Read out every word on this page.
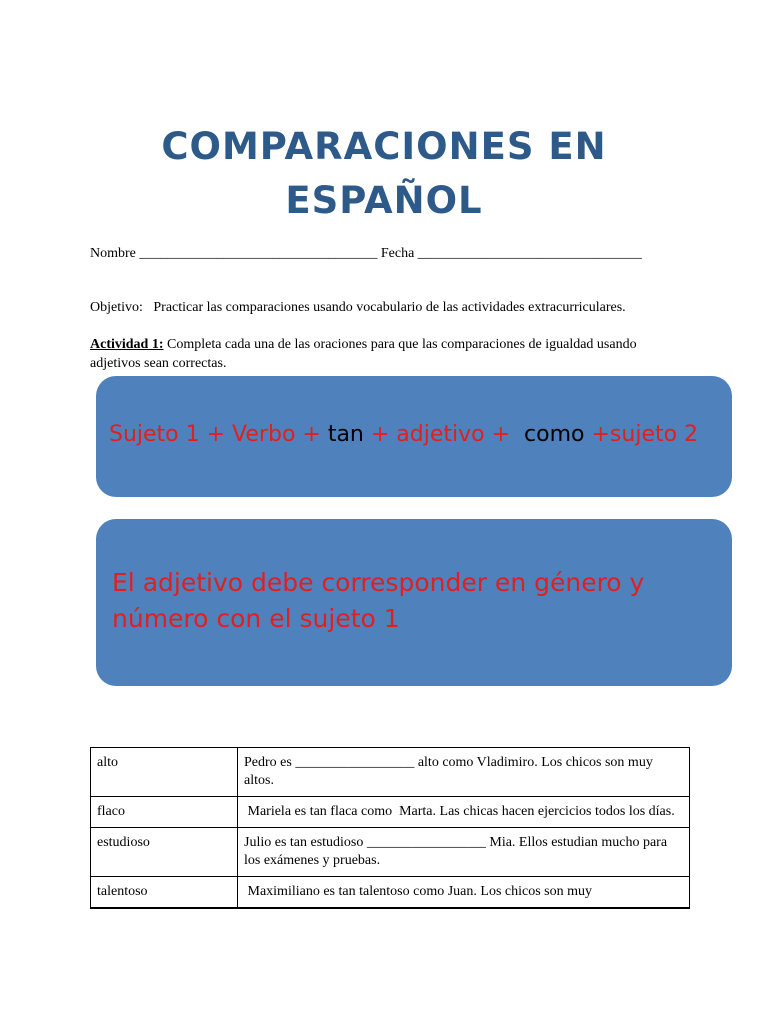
COMPARACIONES EN
ESPAÑOL
Nombre __________________________________ Fecha ________________________________
Objetivo:   Practicar las comparaciones usando vocabulario de las actividades extracurriculares.
Actividad 1: Completa cada una de las oraciones para que las comparaciones de igualdad usando adjetivos sean correctas.
Sujeto 1 + Verbo + tan + adjetivo +  como +sujeto 2
El adjetivo debe corresponder en género y número con el sujeto 1
alto	Pedro es _________________ alto como Vladimiro. Los chicos son muy altos.
flaco	Mariela es tan flaca como  Marta. Las chicas hacen ejercicios todos los días.
estudioso	Julio es tan estudioso _________________ Mia. Ellos estudian mucho para los exámenes y pruebas.
talentoso	Maximiliano es tan talentoso como Juan. Los chicos son muy
